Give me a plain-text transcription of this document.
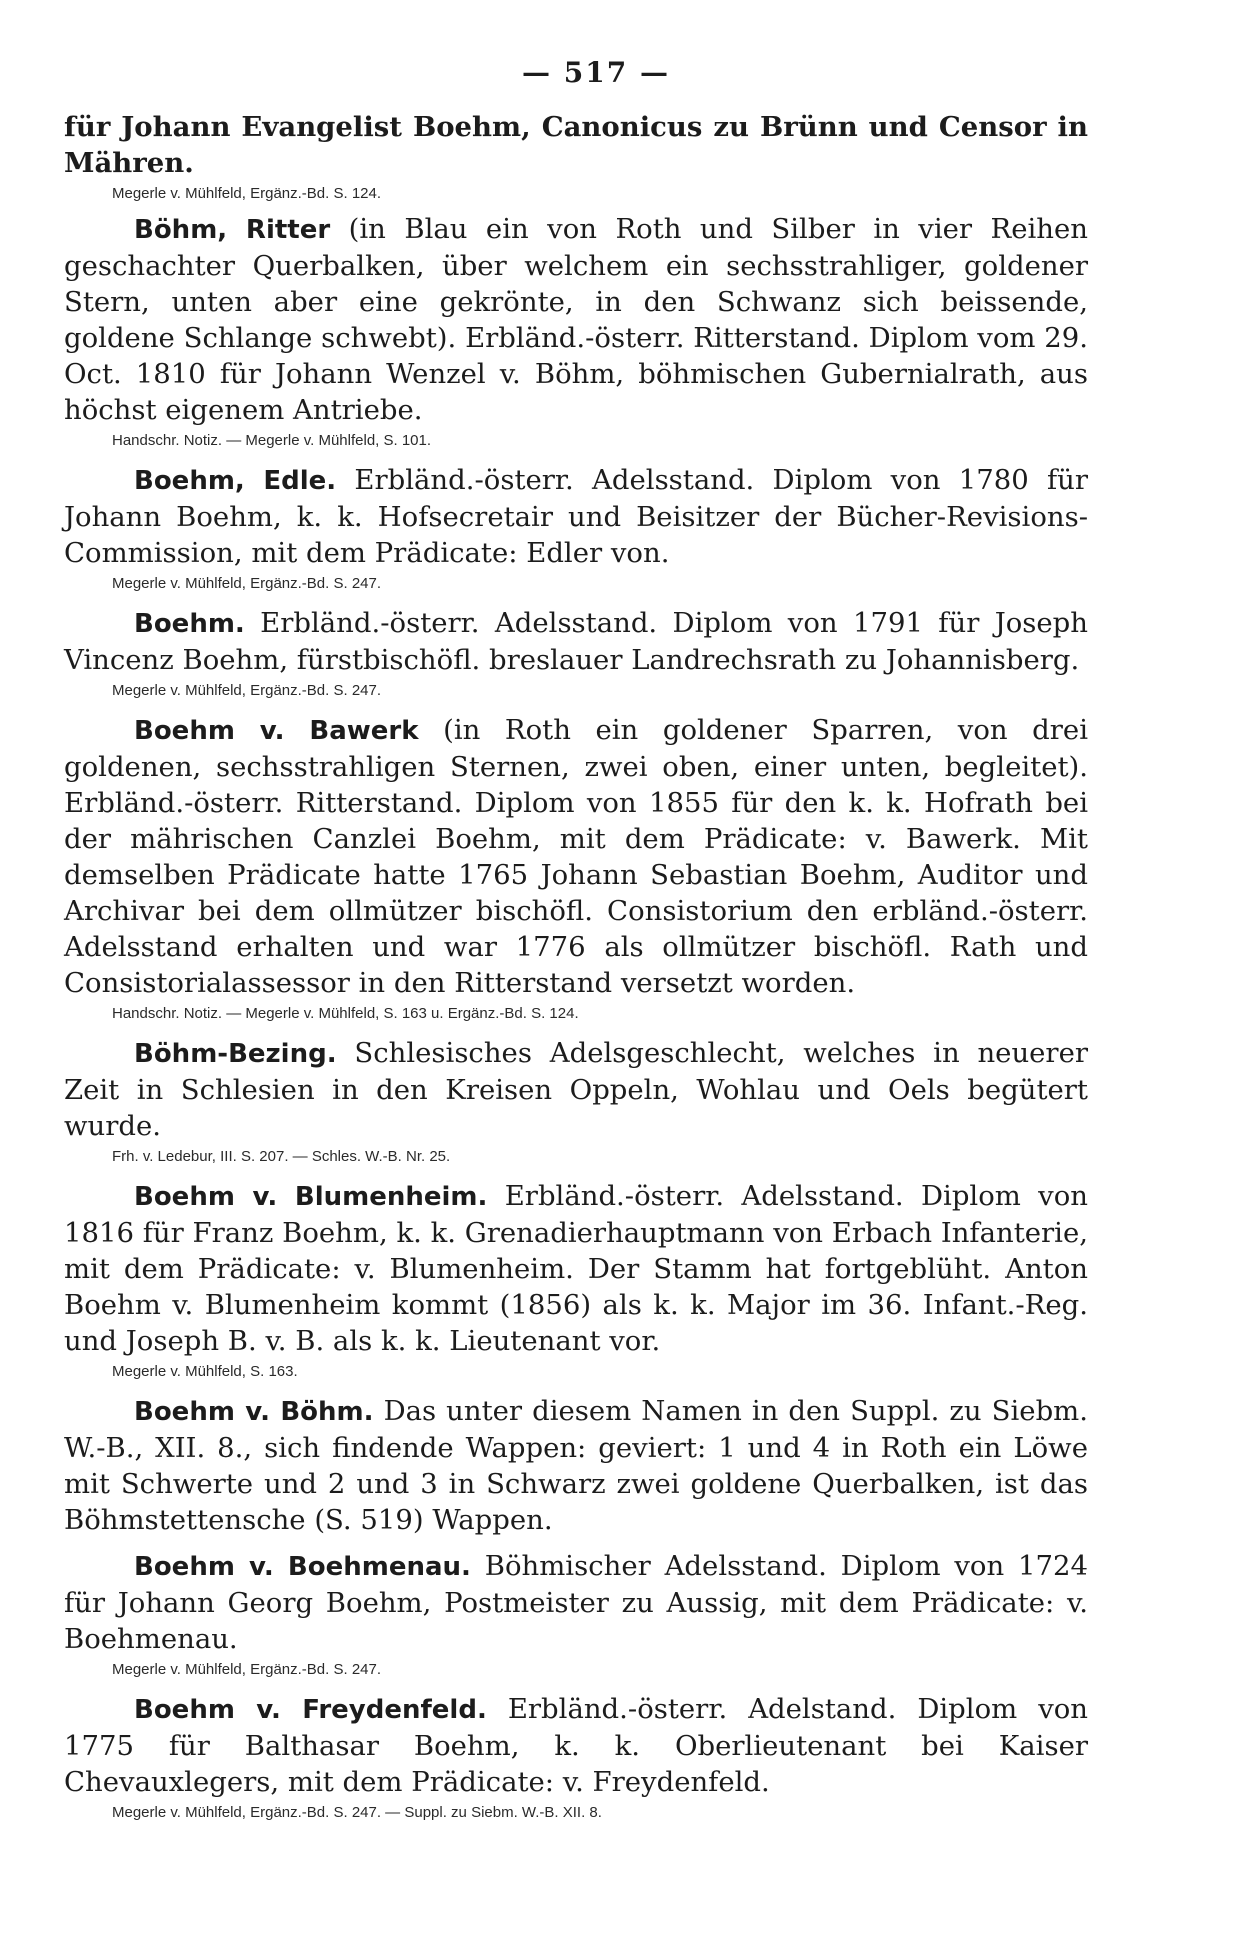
— 517 —

für Johann Evangelist Boehm, Canonicus zu Brünn und Censor in Mähren.

Megerle v. Mühlfeld, Ergänz.-Bd. S. 124.

Böhm, Ritter (in Blau ein von Roth und Silber in vier Reihen geschachter Querbalken, über welchem ein sechsstrahliger, goldener Stern, unten aber eine gekrönte, in den Schwanz sich beissende, goldene Schlange schwebt). Erbländ.-österr. Ritterstand. Diplom vom 29. Oct. 1810 für Johann Wenzel v. Böhm, böhmischen Gubernialrath, aus höchst eigenem Antriebe.

Handschr. Notiz. — Megerle v. Mühlfeld, S. 101.

Boehm, Edle. Erbländ.-österr. Adelsstand. Diplom von 1780 für Johann Boehm, k. k. Hofsecretair und Beisitzer der Bücher-Revisions-Commission, mit dem Prädicate: Edler von.

Megerle v. Mühlfeld, Ergänz.-Bd. S. 247.

Boehm. Erbländ.-österr. Adelsstand. Diplom von 1791 für Joseph Vincenz Boehm, fürstbischöfl. breslauer Landrechsrath zu Johannisberg.

Megerle v. Mühlfeld, Ergänz.-Bd. S. 247.

Boehm v. Bawerk (in Roth ein goldener Sparren, von drei goldenen, sechsstrahligen Sternen, zwei oben, einer unten, begleitet). Erbländ.-österr. Ritterstand. Diplom von 1855 für den k. k. Hofrath bei der mährischen Canzlei Boehm, mit dem Prädicate: v. Bawerk. Mit demselben Prädicate hatte 1765 Johann Sebastian Boehm, Auditor und Archivar bei dem ollmützer bischöfl. Consistorium den erbländ.-österr. Adelsstand erhalten und war 1776 als ollmützer bischöfl. Rath und Consistorialassessor in den Ritterstand versetzt worden.

Handschr. Notiz. — Megerle v. Mühlfeld, S. 163 u. Ergänz.-Bd. S. 124.

Böhm-Bezing. Schlesisches Adelsgeschlecht, welches in neuerer Zeit in Schlesien in den Kreisen Oppeln, Wohlau und Oels begütert wurde.

Frh. v. Ledebur, III. S. 207. — Schles. W.-B. Nr. 25.

Boehm v. Blumenheim. Erbländ.-österr. Adelsstand. Diplom von 1816 für Franz Boehm, k. k. Grenadierhauptmann von Erbach Infanterie, mit dem Prädicate: v. Blumenheim. Der Stamm hat fortgeblüht. Anton Boehm v. Blumenheim kommt (1856) als k. k. Major im 36. Infant.-Reg. und Joseph B. v. B. als k. k. Lieutenant vor.

Megerle v. Mühlfeld, S. 163.

Boehm v. Böhm. Das unter diesem Namen in den Suppl. zu Siebm. W.-B., XII. 8., sich findende Wappen: geviert: 1 und 4 in Roth ein Löwe mit Schwerte und 2 und 3 in Schwarz zwei goldene Querbalken, ist das Böhmstettensche (S. 519) Wappen.

Boehm v. Boehmenau. Böhmischer Adelsstand. Diplom von 1724 für Johann Georg Boehm, Postmeister zu Aussig, mit dem Prädicate: v. Boehmenau.

Megerle v. Mühlfeld, Ergänz.-Bd. S. 247.

Boehm v. Freydenfeld. Erbländ.-österr. Adelstand. Diplom von 1775 für Balthasar Boehm, k. k. Oberlieutenant bei Kaiser Chevauxlegers, mit dem Prädicate: v. Freydenfeld.

Megerle v. Mühlfeld, Ergänz.-Bd. S. 247. — Suppl. zu Siebm. W.-B. XII. 8.
